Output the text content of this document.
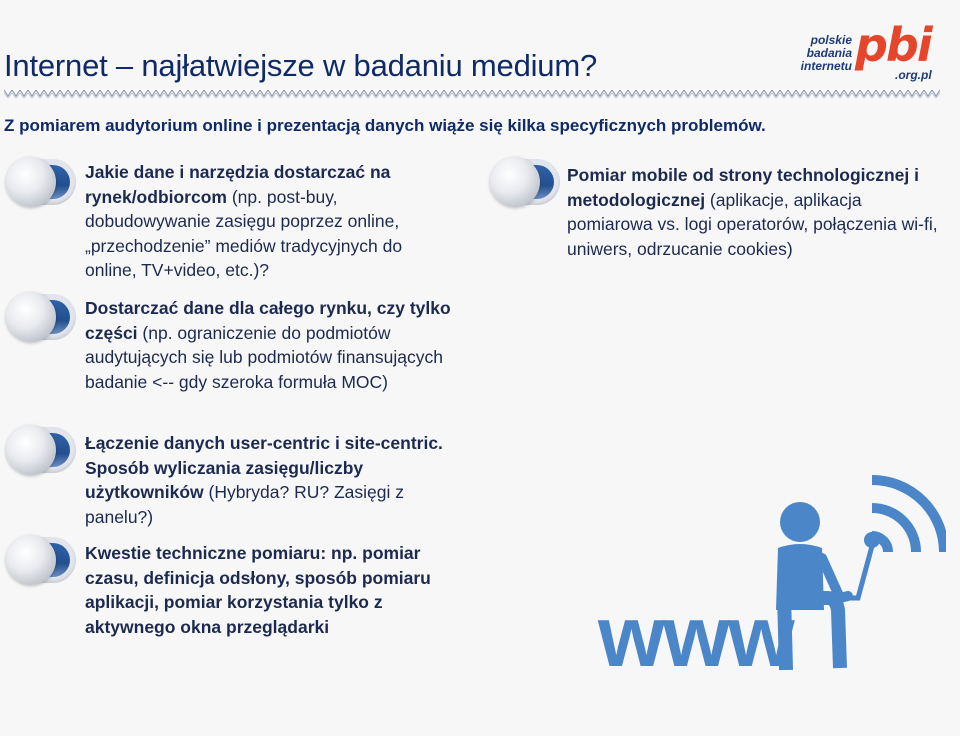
Internet – najłatwiejsze w badaniu medium?

Z pomiarem audytorium online i prezentacją danych wiąże się kilka specyficznych problemów.

polskie
badania
internetu pbi
.org.pl
Jakie dane i narzędzia dostarczać na rynek/odbiorcom (np. post-buy, dobudowywanie zasięgu poprzez online, „przechodzenie” mediów tradycyjnych do online, TV+video, etc.)?
Dostarczać dane dla całego rynku, czy tylko części (np. ograniczenie do podmiotów audytujących się lub podmiotów finansujących badanie <-- gdy szeroka formuła MOC)
Łączenie danych user-centric i site-centric. Sposób wyliczania zasięgu/liczby użytkowników (Hybryda? RU? Zasięgi z panelu?)
Kwestie techniczne pomiaru: np. pomiar czasu, definicja odsłony, sposób pomiaru aplikacji, pomiar korzystania tylko z aktywnego okna przeglądarki
Pomiar mobile od strony technologicznej i metodologicznej (aplikacje, aplikacja pomiarowa vs. logi operatorów, połączenia wi-fi, uniwers, odrzucanie cookies)
www
